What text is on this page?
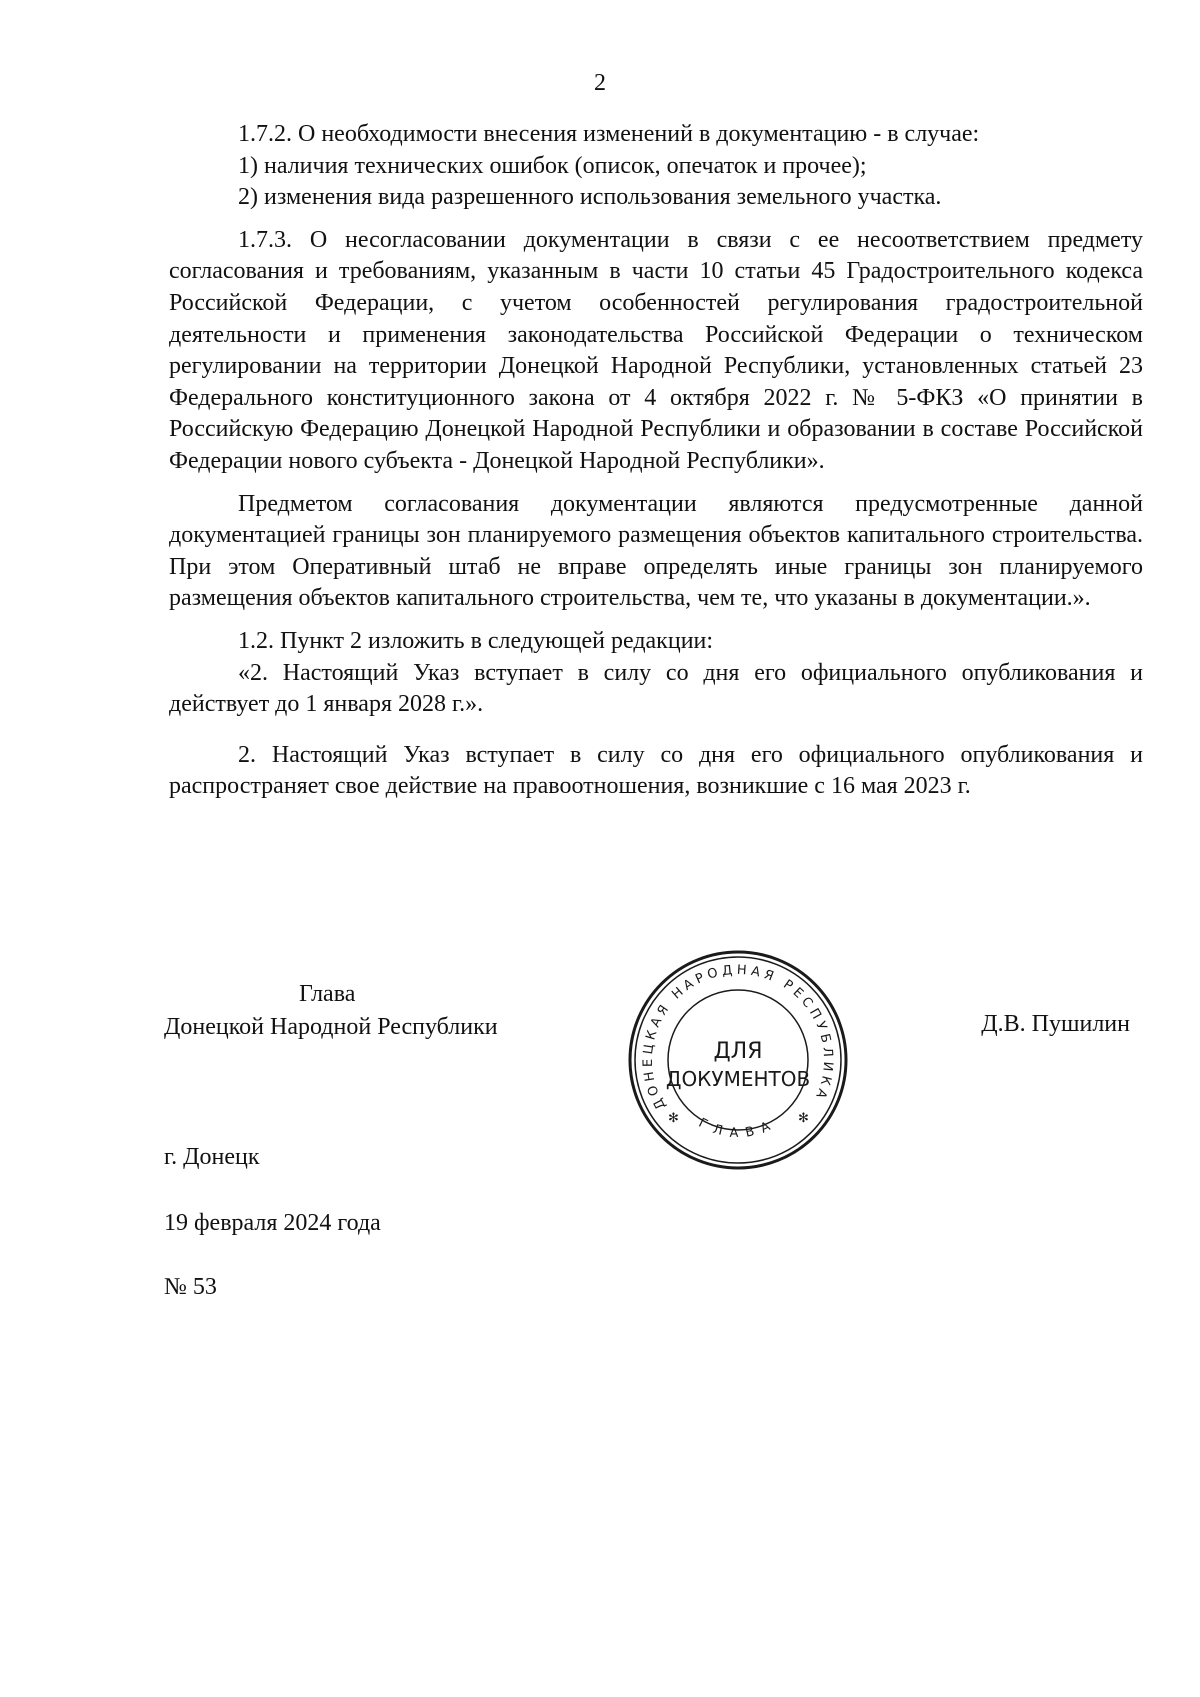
2

1.7.2. О необходимости внесения изменений в документацию - в случае:

1) наличия технических ошибок (описок, опечаток и прочее);

2) изменения вида разрешенного использования земельного участка.

1.7.3. О несогласовании документации в связи с ее несоответствием предмету согласования и требованиям, указанным в части 10 статьи 45 Градостроительного кодекса Российской Федерации, с учетом особенностей регулирования градостроительной деятельности и применения законодательства Российской Федерации о техническом регулировании на территории Донецкой Народной Республики, установленных статьей 23 Федерального конституционного закона от 4 октября 2022 г. № 5-ФКЗ «О принятии в Российскую Федерацию Донецкой Народной Республики и образовании в составе Российской Федерации нового субъекта - Донецкой Народной Республики».

Предметом согласования документации являются предусмотренные данной документацией границы зон планируемого размещения объектов капитального строительства. При этом Оперативный штаб не вправе определять иные границы зон планируемого размещения объектов капитального строительства, чем те, что указаны в документации.».

1.2. Пункт 2 изложить в следующей редакции:

«2. Настоящий Указ вступает в силу со дня его официального опубликования и действует до 1 января 2028 г.».

2. Настоящий Указ вступает в силу со дня его официального опубликования и распространяет свое действие на правоотношения, возникшие с 16 мая 2023 г.

Глава
Донецкой Народной Республики
ДОНЕЦКАЯ НАРОДНАЯ РЕСПУБЛИКА
ГЛАВА
✻	✻
ДЛЯ
ДОКУМЕНТОВ
Д.В. Пушилин
г. Донецк
19 февраля 2024 года
№ 53
